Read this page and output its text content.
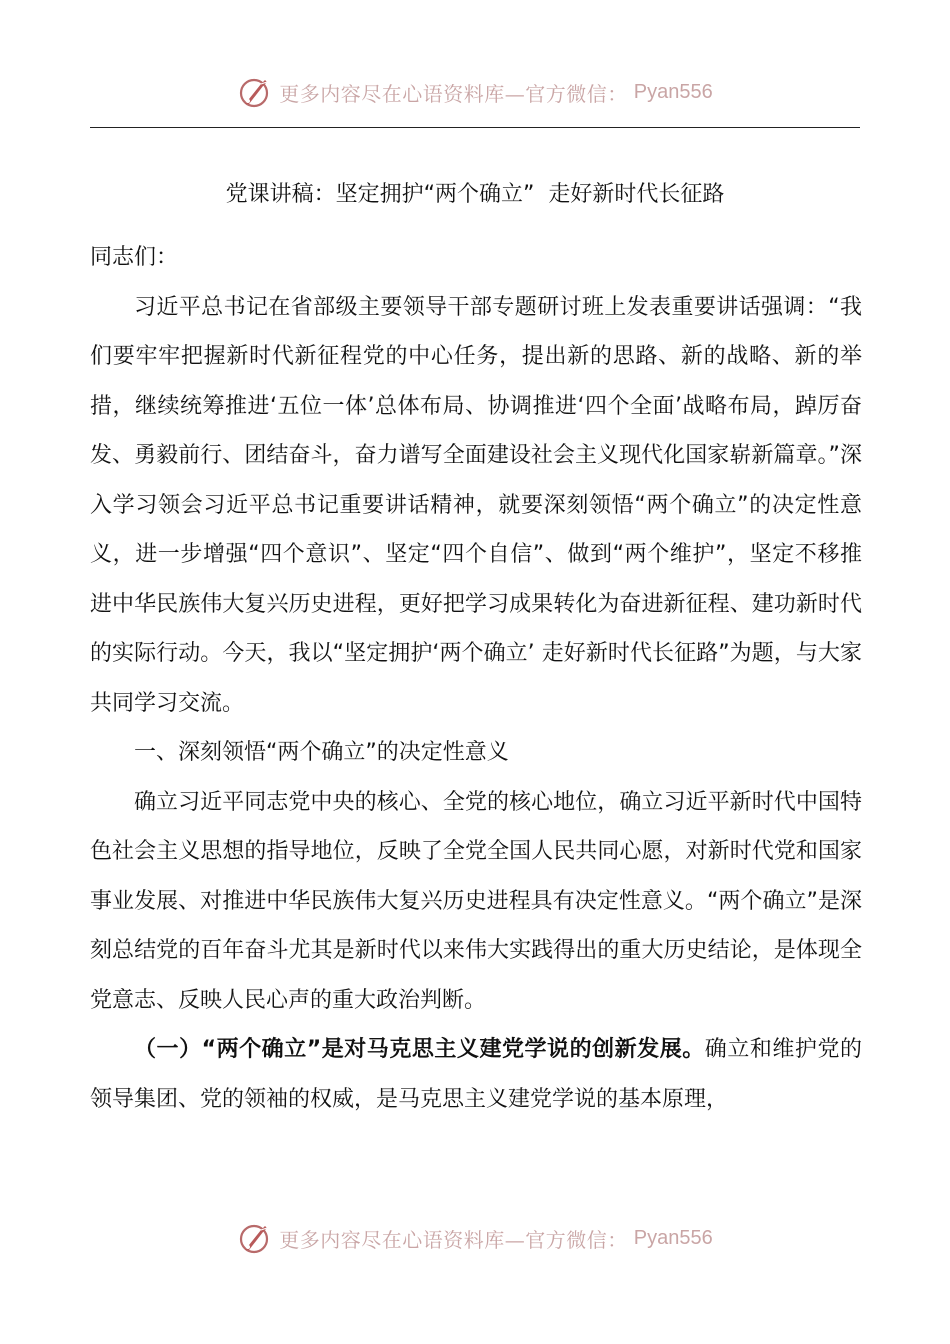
更多内容尽在心语资料库—官方微信： Pyan556
党课讲稿：坚定拥护“两个确立”  走好新时代长征路

同志们：

习近平总书记在省部级主要领导干部专题研讨班上发表重要讲话强调：“我们要牢牢把握新时代新征程党的中心任务，提出新的思路、新的战略、新的举措，继续统筹推进‘五位一体’总体布局、协调推进‘四个全面’战略布局，踔厉奋发、勇毅前行、团结奋斗，奋力谱写全面建设社会主义现代化国家崭新篇章。”深入学习领会习近平总书记重要讲话精神，就要深刻领悟“两个确立”的决定性意义，进一步增强“四个意识”、坚定“四个自信”、做到“两个维护”，坚定不移推进中华民族伟大复兴历史进程，更好把学习成果转化为奋进新征程、建功新时代的实际行动。今天，我以“坚定拥护‘两个确立’ 走好新时代长征路”为题，与大家共同学习交流。

一、深刻领悟“两个确立”的决定性意义

确立习近平同志党中央的核心、全党的核心地位，确立习近平新时代中国特色社会主义思想的指导地位，反映了全党全国人民共同心愿，对新时代党和国家事业发展、对推进中华民族伟大复兴历史进程具有决定性意义。“两个确立”是深刻总结党的百年奋斗尤其是新时代以来伟大实践得出的重大历史结论，是体现全党意志、反映人民心声的重大政治判断。

（一）“两个确立”是对马克思主义建党学说的创新发展。确立和维护党的领导集团、党的领袖的权威，是马克思主义建党学说的基本原理，

更多内容尽在心语资料库—官方微信： Pyan556
